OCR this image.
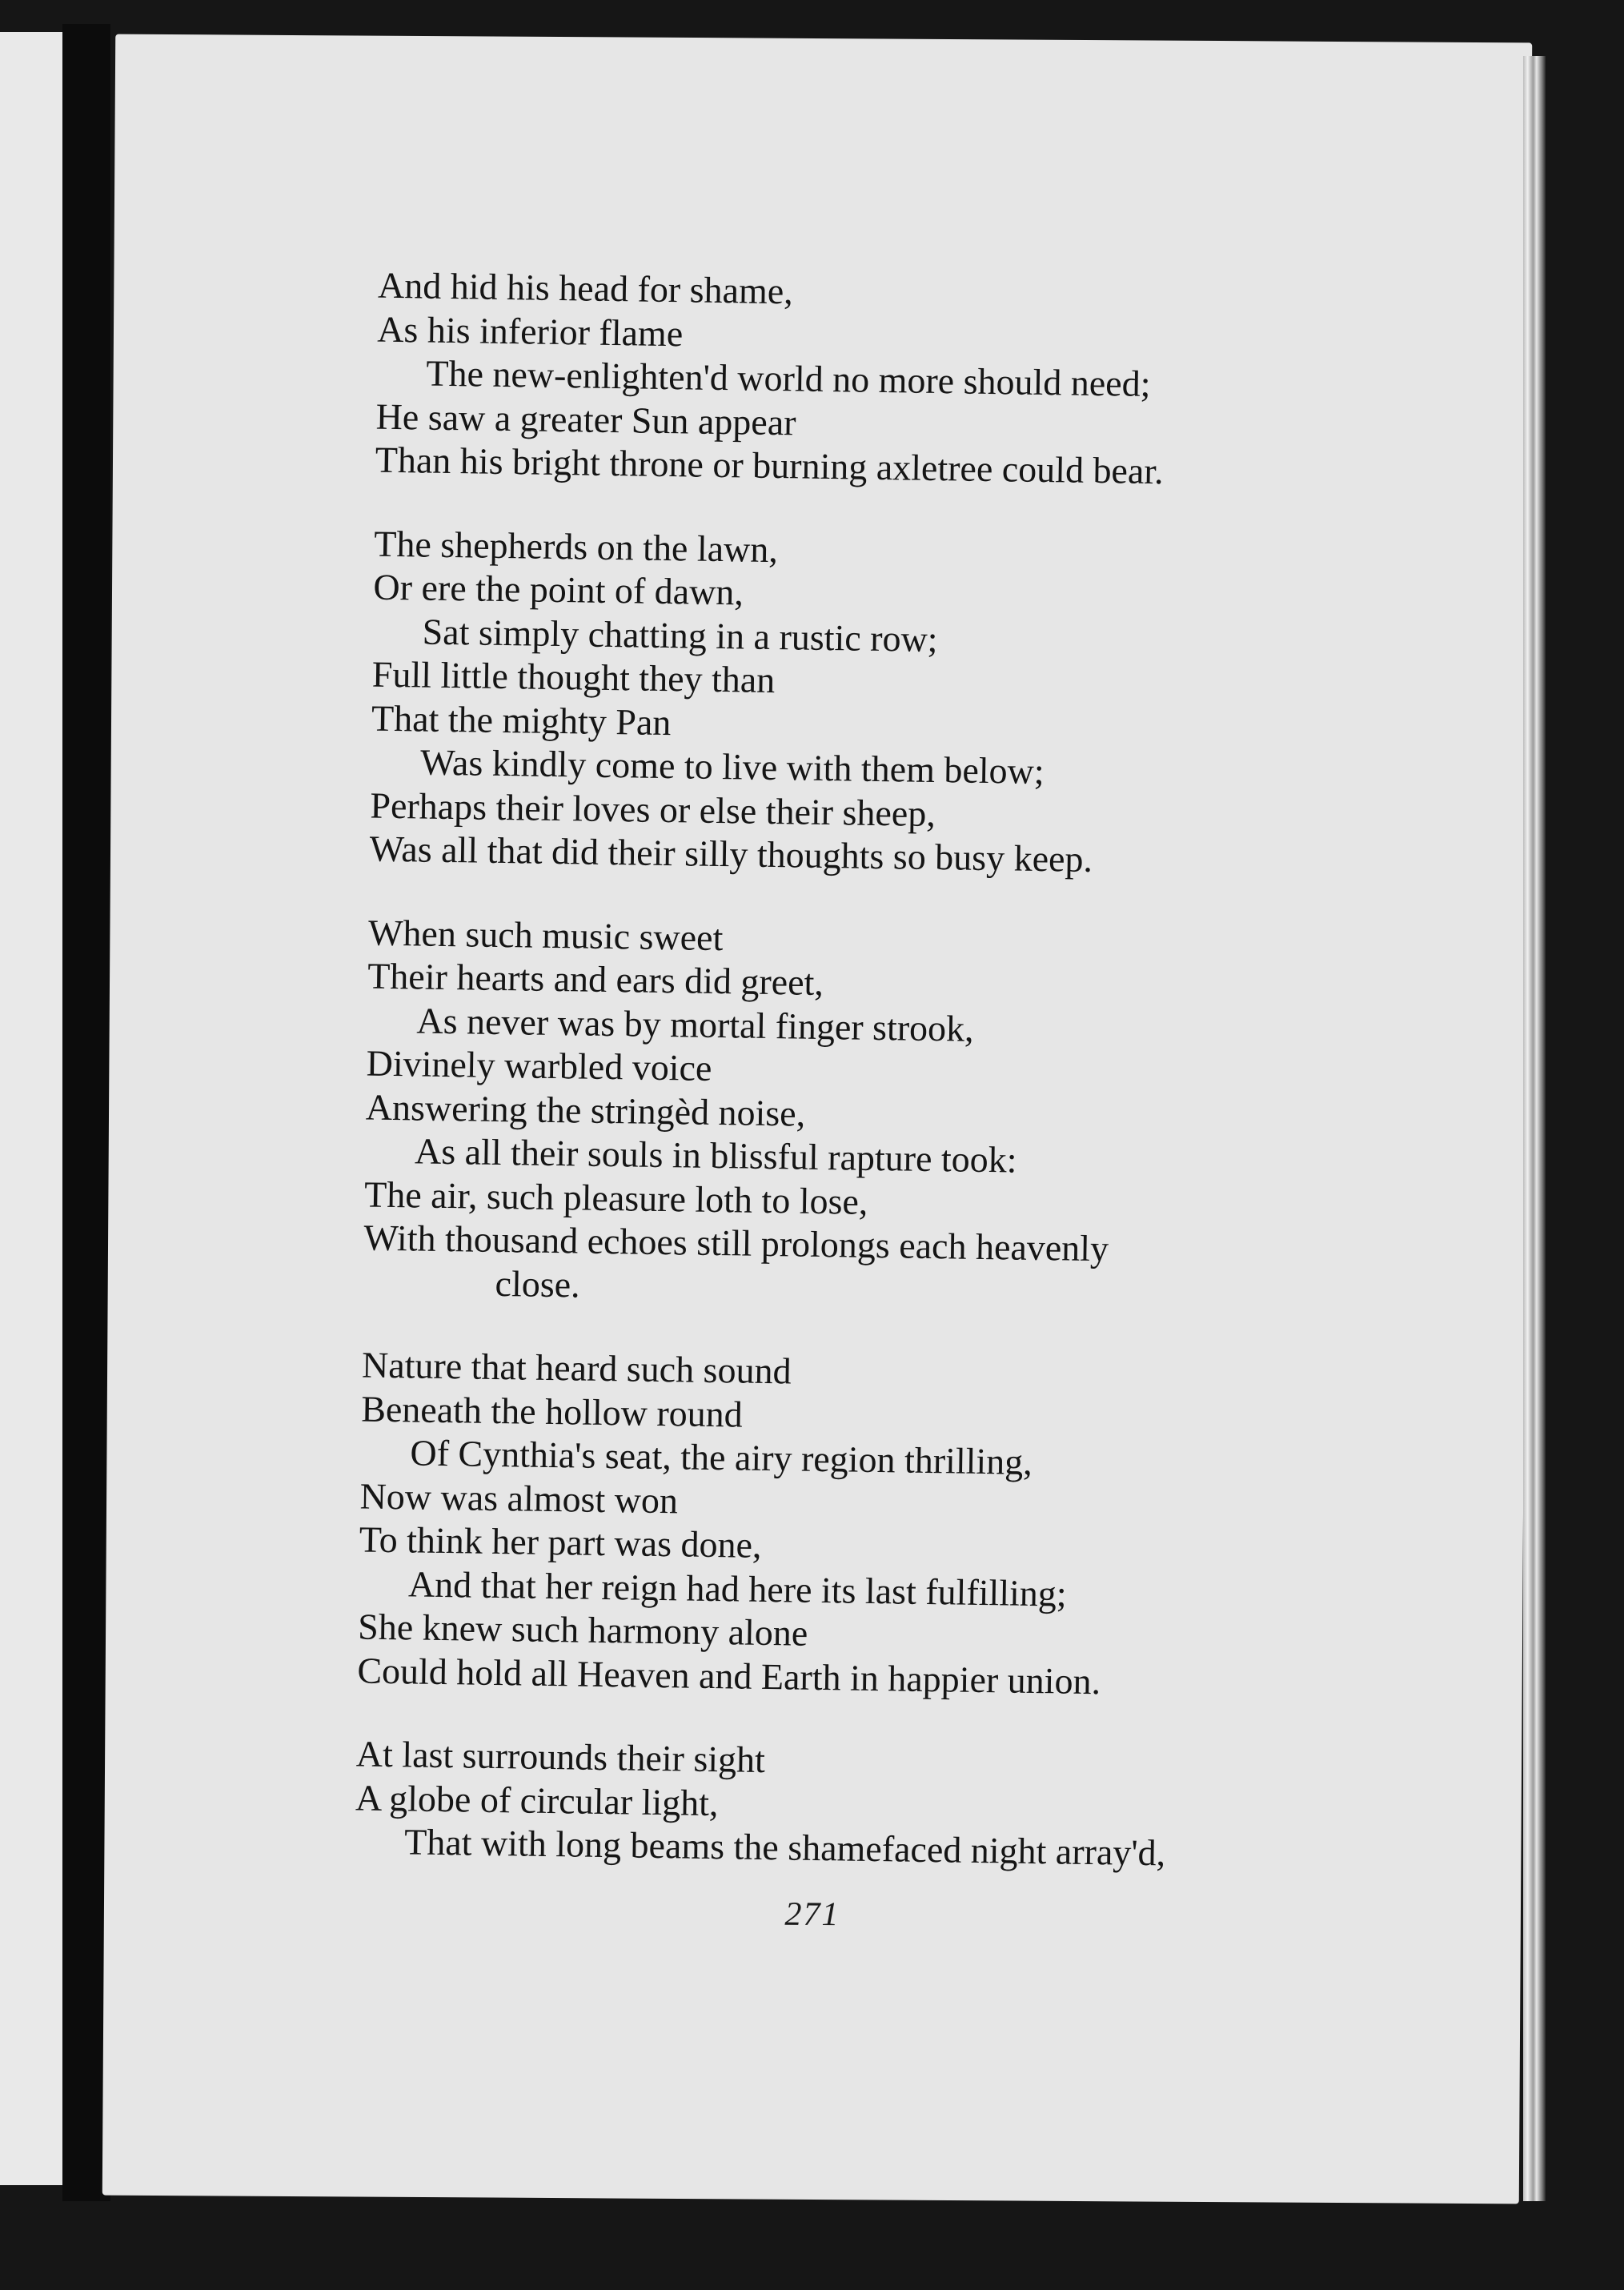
And hid his head for shame,
As his inferior flame
The new-enlighten'd world no more should need;
He saw a greater Sun appear
Than his bright throne or burning axletree could bear.
The shepherds on the lawn,
Or ere the point of dawn,
Sat simply chatting in a rustic row;
Full little thought they than
That the mighty Pan
Was kindly come to live with them below;
Perhaps their loves or else their sheep,
Was all that did their silly thoughts so busy keep.
When such music sweet
Their hearts and ears did greet,
As never was by mortal finger strook,
Divinely warbled voice
Answering the stringèd noise,
As all their souls in blissful rapture took:
The air, such pleasure loth to lose,
With thousand echoes still prolongs each heavenly
close.
Nature that heard such sound
Beneath the hollow round
Of Cynthia's seat, the airy region thrilling,
Now was almost won
To think her part was done,
And that her reign had here its last fulfilling;
She knew such harmony alone
Could hold all Heaven and Earth in happier union.
At last surrounds their sight
A globe of circular light,
That with long beams the shamefaced night array'd,
271
